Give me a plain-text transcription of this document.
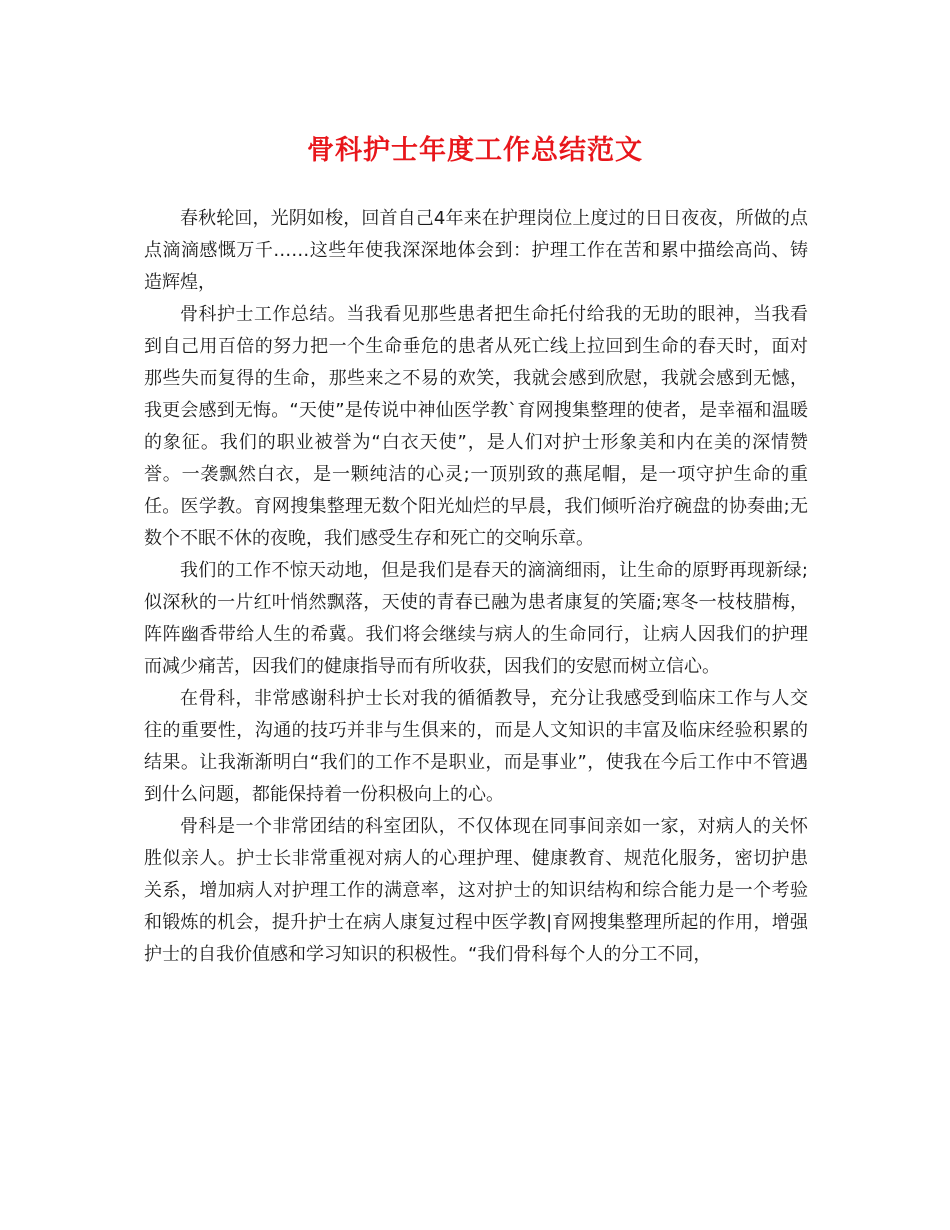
骨科护士年度工作总结范文

春秋轮回，光阴如梭，回首自己4年来在护理岗位上度过的日日夜夜，所做的点点滴滴感慨万千……这些年使我深深地体会到：护理工作在苦和累中描绘高尚、铸造辉煌，

骨科护士工作总结。当我看见那些患者把生命托付给我的无助的眼神，当我看到自己用百倍的努力把一个生命垂危的患者从死亡线上拉回到生命的春天时，面对那些失而复得的生命，那些来之不易的欢笑，我就会感到欣慰，我就会感到无憾，我更会感到无悔。“天使”是传说中神仙医学教`育网搜集整理的使者，是幸福和温暖的象征。我们的职业被誉为“白衣天使”，是人们对护士形象美和内在美的深情赞誉。一袭飘然白衣，是一颗纯洁的心灵;一顶别致的燕尾帽，是一项守护生命的重任。医学教。育网搜集整理无数个阳光灿烂的早晨，我们倾听治疗碗盘的协奏曲;无数个不眠不休的夜晚，我们感受生存和死亡的交响乐章。

我们的工作不惊天动地，但是我们是春天的滴滴细雨，让生命的原野再现新绿;似深秋的一片红叶悄然飘落，天使的青春已融为患者康复的笑靥;寒冬一枝枝腊梅，阵阵幽香带给人生的希冀。我们将会继续与病人的生命同行，让病人因我们的护理而减少痛苦，因我们的健康指导而有所收获，因我们的安慰而树立信心。

在骨科，非常感谢科护士长对我的循循教导，充分让我感受到临床工作与人交往的重要性，沟通的技巧并非与生俱来的，而是人文知识的丰富及临床经验积累的结果。让我渐渐明白“我们的工作不是职业，而是事业”，使我在今后工作中不管遇到什么问题，都能保持着一份积极向上的心。

骨科是一个非常团结的科室团队，不仅体现在同事间亲如一家，对病人的关怀胜似亲人。护士长非常重视对病人的心理护理、健康教育、规范化服务，密切护患关系，增加病人对护理工作的满意率，这对护士的知识结构和综合能力是一个考验和锻炼的机会，提升护士在病人康复过程中医学教|育网搜集整理所起的作用，增强护士的自我价值感和学习知识的积极性。“我们骨科每个人的分工不同，
